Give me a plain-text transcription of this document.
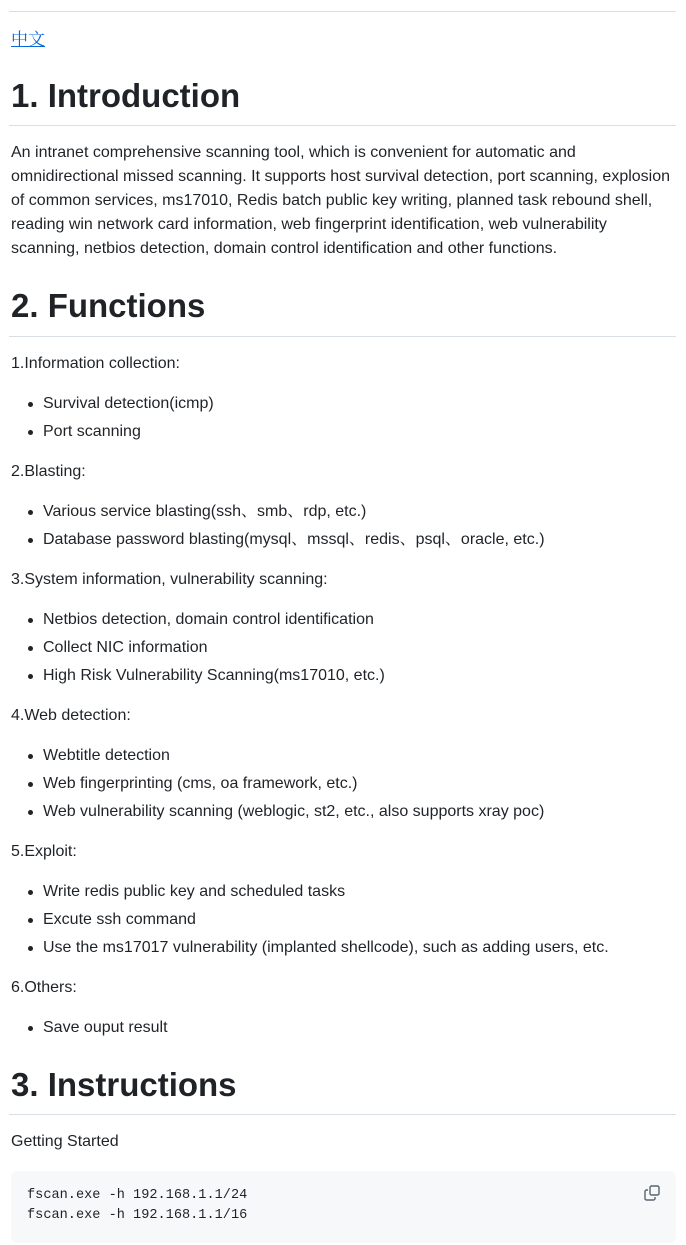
中文
1. Introduction

An intranet comprehensive scanning tool, which is convenient for automatic and omnidirectional missed scanning. It supports host survival detection, port scanning, explosion of common services, ms17010, Redis batch public key writing, planned task rebound shell, reading win network card information, web fingerprint identification, web vulnerability scanning, netbios detection, domain control identification and other functions.

2. Functions

1.Information collection:

Survival detection(icmp)
Port scanning

2.Blasting:

Various service blasting(ssh、smb、rdp, etc.)
Database password blasting(mysql、mssql、redis、psql、oracle, etc.)

3.System information, vulnerability scanning:

Netbios detection, domain control identification
Collect NIC information
High Risk Vulnerability Scanning(ms17010, etc.)

4.Web detection:

Webtitle detection
Web fingerprinting (cms, oa framework, etc.)
Web vulnerability scanning (weblogic, st2, etc., also supports xray poc)

5.Exploit:

Write redis public key and scheduled tasks
Excute ssh command
Use the ms17017 vulnerability (implanted shellcode), such as adding users, etc.

6.Others:

Save ouput result
3. Instructions

Getting Started

fscan.exe -h 192.168.1.1/24
fscan.exe -h 192.168.1.1/16
